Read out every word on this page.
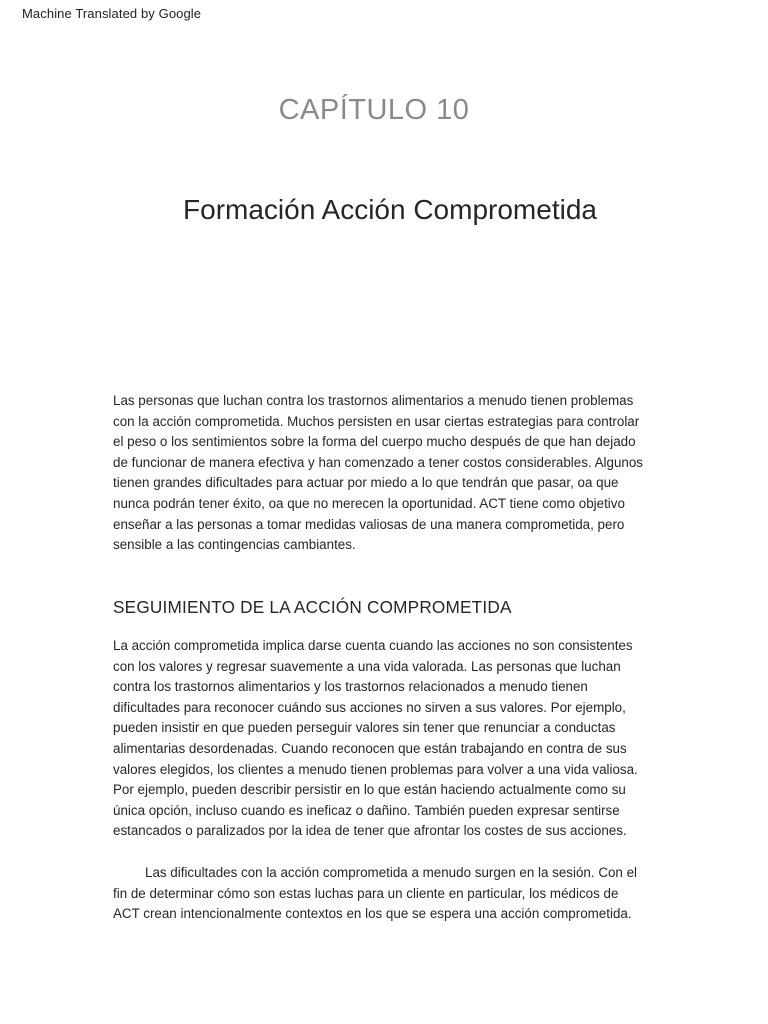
Machine Translated by Google
CAPÍTULO 10
Formación Acción Comprometida
Las personas que luchan contra los trastornos alimentarios a menudo tienen problemas
con la acción comprometida. Muchos persisten en usar ciertas estrategias para controlar
el peso o los sentimientos sobre la forma del cuerpo mucho después de que han dejado
de funcionar de manera efectiva y han comenzado a tener costos considerables. Algunos
tienen grandes dificultades para actuar por miedo a lo que tendrán que pasar, oa que
nunca podrán tener éxito, oa que no merecen la oportunidad. ACT tiene como objetivo
enseñar a las personas a tomar medidas valiosas de una manera comprometida, pero
sensible a las contingencias cambiantes.
SEGUIMIENTO DE LA ACCIÓN COMPROMETIDA
La acción comprometida implica darse cuenta cuando las acciones no son consistentes
con los valores y regresar suavemente a una vida valorada. Las personas que luchan
contra los trastornos alimentarios y los trastornos relacionados a menudo tienen
dificultades para reconocer cuándo sus acciones no sirven a sus valores. Por ejemplo,
pueden insistir en que pueden perseguir valores sin tener que renunciar a conductas
alimentarias desordenadas. Cuando reconocen que están trabajando en contra de sus
valores elegidos, los clientes a menudo tienen problemas para volver a una vida valiosa.
Por ejemplo, pueden describir persistir en lo que están haciendo actualmente como su
única opción, incluso cuando es ineficaz o dañino. También pueden expresar sentirse
estancados o paralizados por la idea de tener que afrontar los costes de sus acciones.
Las dificultades con la acción comprometida a menudo surgen en la sesión. Con el
fin de determinar cómo son estas luchas para un cliente en particular, los médicos de
ACT crean intencionalmente contextos en los que se espera una acción comprometida.
